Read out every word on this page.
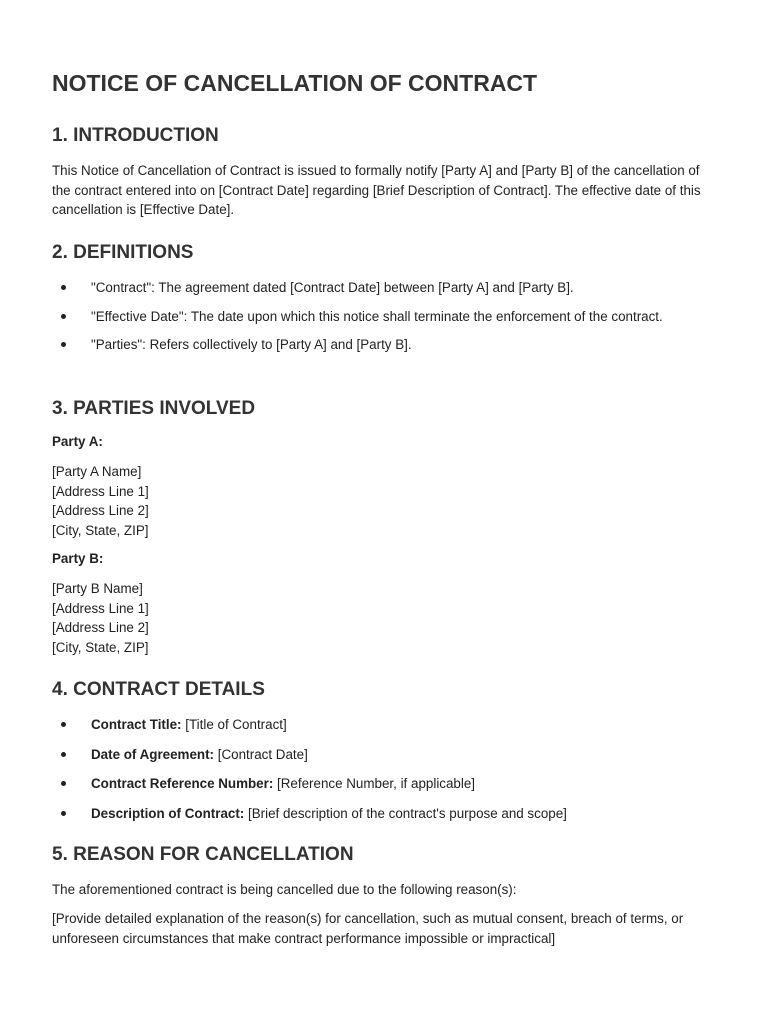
NOTICE OF CANCELLATION OF CONTRACT
1. INTRODUCTION

This Notice of Cancellation of Contract is issued to formally notify [Party A] and [Party B] of the cancellation of the contract entered into on [Contract Date] regarding [Brief Description of Contract]. The effective date of this cancellation is [Effective Date].

2. DEFINITIONS
"Contract": The agreement dated [Contract Date] between [Party A] and [Party B].
"Effective Date": The date upon which this notice shall terminate the enforcement of the contract.
"Parties": Refers collectively to [Party A] and [Party B].
3. PARTIES INVOLVED

Party A:

[Party A Name]
[Address Line 1]
[Address Line 2]
[City, State, ZIP]

Party B:

[Party B Name]
[Address Line 1]
[Address Line 2]
[City, State, ZIP]
4. CONTRACT DETAILS
Contract Title: [Title of Contract]
Date of Agreement: [Contract Date]
Contract Reference Number: [Reference Number, if applicable]
Description of Contract: [Brief description of the contract's purpose and scope]
5. REASON FOR CANCELLATION

The aforementioned contract is being cancelled due to the following reason(s):

[Provide detailed explanation of the reason(s) for cancellation, such as mutual consent, breach of terms, or unforeseen circumstances that make contract performance impossible or impractical]
